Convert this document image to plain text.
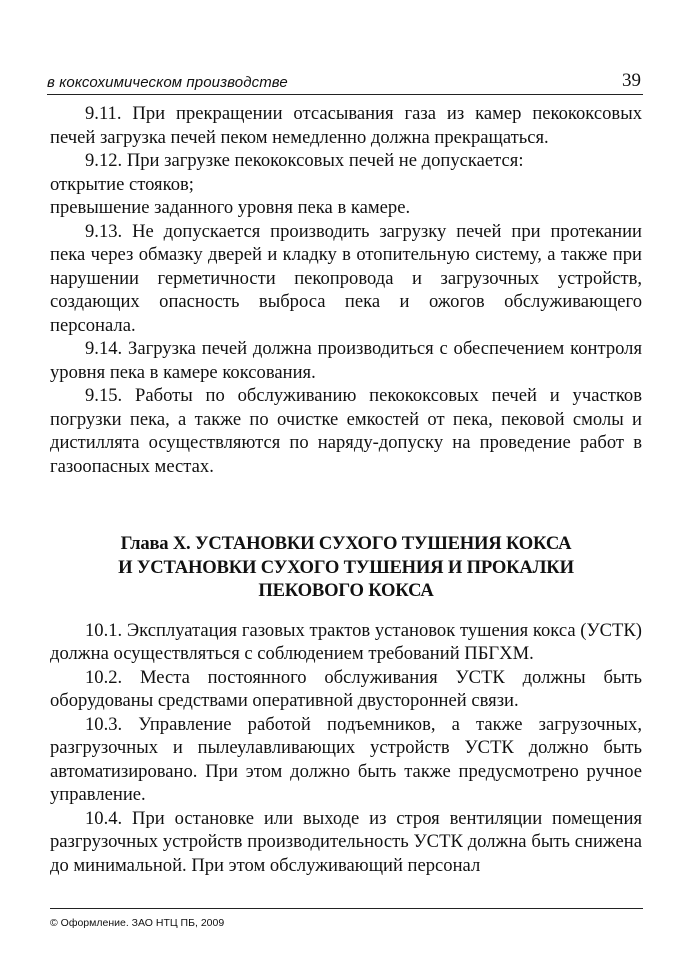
в коксохимическом производстве	39

9.11. При прекращении отсасывания газа из камер пекококсовых печей загрузка печей пеком немедленно должна прекращаться.

9.12. При загрузке пекококсовых печей не допускается:

открытие стояков;

превышение заданного уровня пека в камере.

9.13. Не допускается производить загрузку печей при протекании пека через обмазку дверей и кладку в отопительную систему, а также при нарушении герметичности пекопровода и загрузочных устройств, создающих опасность выброса пека и ожогов обслуживающего персонала.

9.14. Загрузка печей должна производиться с обеспечением контроля уровня пека в камере коксования.

9.15. Работы по обслуживанию пекококсовых печей и участков погрузки пека, а также по очистке емкостей от пека, пековой смолы и дистиллята осуществляются по наряду-допуску на проведение работ в газоопасных местах.

Глава X. УСТАНОВКИ СУХОГО ТУШЕНИЯ КОКСА
И УСТАНОВКИ СУХОГО ТУШЕНИЯ И ПРОКАЛКИ
ПЕКОВОГО КОКСА

10.1. Эксплуатация газовых трактов установок тушения кокса (УСТК) должна осуществляться с соблюдением требований ПБГХМ.

10.2. Места постоянного обслуживания УСТК должны быть оборудованы средствами оперативной двусторонней связи.

10.3. Управление работой подъемников, а также загрузочных, разгрузочных и пылеулавливающих устройств УСТК должно быть автоматизировано. При этом должно быть также предусмотрено ручное управление.

10.4. При остановке или выходе из строя вентиляции помещения разгрузочных устройств производительность УСТК должна быть снижена до минимальной. При этом обслуживающий персонал

© Оформление. ЗАО НТЦ ПБ, 2009
